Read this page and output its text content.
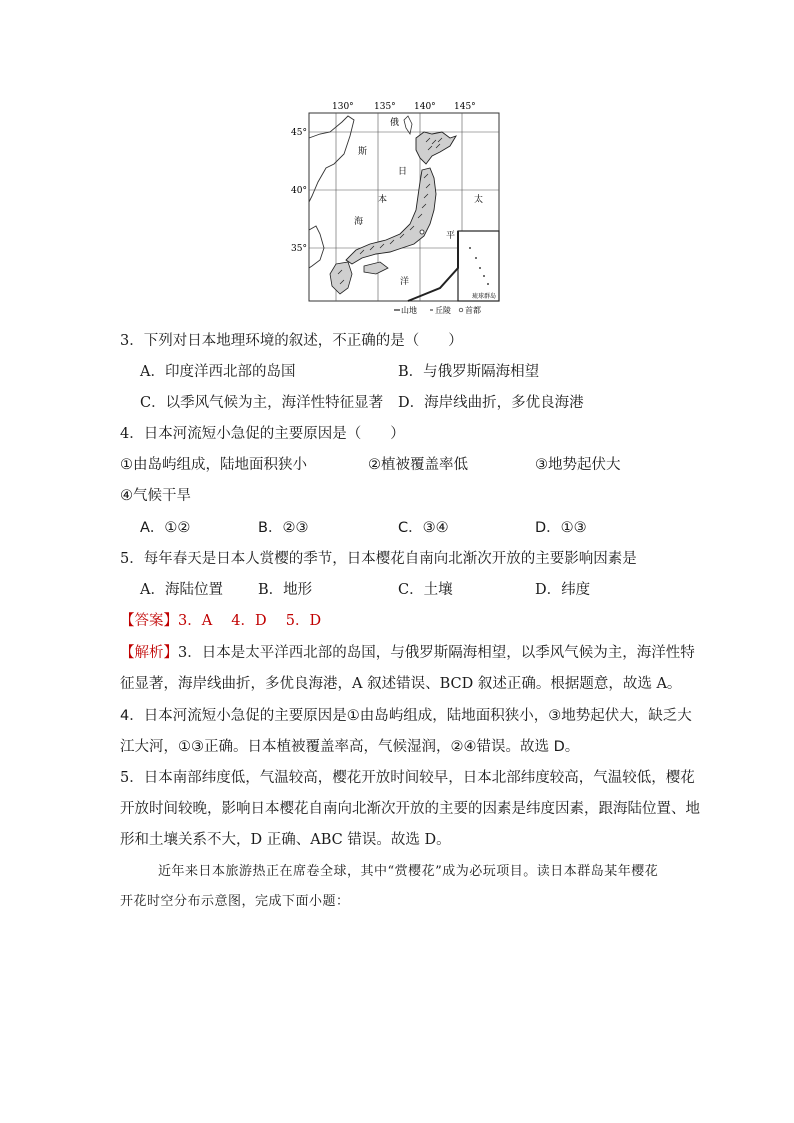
130° 135° 140° 145°
45°
40°
35°
琉球群岛
俄
斯
日
本
海
太
平
洋
山地 丘陵 首都
3．下列对日本地理环境的叙述，不正确的是（　　）
A．印度洋西北部的岛国	B．与俄罗斯隔海相望
C．以季风气候为主，海洋性特征显著 D．海岸线曲折，多优良海港
4．日本河流短小急促的主要原因是（　　）
①由岛屿组成，陆地面积狭小	②植被覆盖率低	③地势起伏大
④气候干旱
A．①②	B．②③	C．③④	D．①③
5．每年春天是日本人赏樱的季节，日本樱花自南向北渐次开放的主要影响因素是
A．海陆位置 B．地形	C．土壤	D．纬度
【答案】3．A　 4．D　 5．D
【解析】3．日本是太平洋西北部的岛国，与俄罗斯隔海相望，以季风气候为主，海洋性特
征显著，海岸线曲折，多优良海港，A 叙述错误、BCD 叙述正确。根据题意，故选 A。
4．日本河流短小急促的主要原因是①由岛屿组成，陆地面积狭小，③地势起伏大，缺乏大
江大河，①③正确。日本植被覆盖率高，气候湿润，②④错误。故选 D。
5．日本南部纬度低，气温较高，樱花开放时间较早，日本北部纬度较高，气温较低，樱花
开放时间较晚，影响日本樱花自南向北渐次开放的主要的因素是纬度因素，跟海陆位置、地
形和土壤关系不大，D 正确、ABC 错误。故选 D。
近年来日本旅游热正在席卷全球，其中“赏樱花”成为必玩项目。读日本群岛某年樱花
开花时空分布示意图，完成下面小题：
